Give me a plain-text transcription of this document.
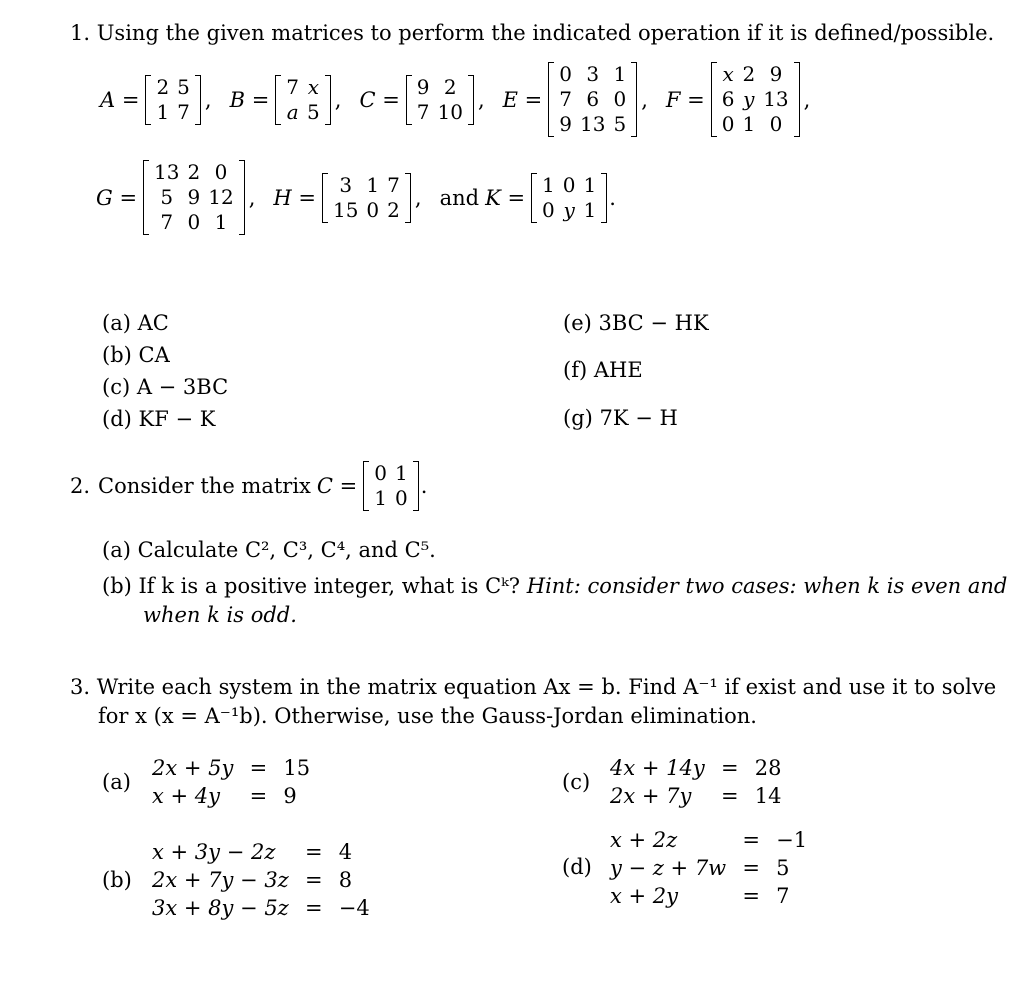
1. Using the given matrices to perform the indicated operation if it is defined/possible.
A =
2	5
1	7 , B =
7	x
a	5 , C =
9	2
7	10 , E =
0	3	1
7	6	0
9	13	5
, F =
x	2	9
6	y	13
0	1	0
,
G =
13	2	0
5	9	12
7	0	1
, H =
3	1	7
15	0	2 , and K =
1	0	1
0	y	1 .
(a) AC
(b) CA
(c) A − 3BC
(d) KF − K
(e) 3BC − HK
(f) AHE
(g) 7K − H
2. Consider the matrix C =
0	1
1	0 .
(a) Calculate C², C³, C⁴, and C⁵.
(b) If k is a positive integer, what is Cᵏ? Hint: consider two cases: when k is even and
when k is odd.
3. Write each system in the matrix equation Ax = b. Find A⁻¹ if exist and use it to solve
for x (x = A⁻¹b). Otherwise, use the Gauss-Jordan elimination.
(a)
2x + 5y	=	15
x + 4y	=	9
(b)
x + 3y − 2z	=	4
2x + 7y − 3z	=	8
3x + 8y − 5z	=	−4
(c)
4x + 14y	=	28
2x + 7y	=	14
(d)
x + 2z	=	−1
y − z + 7w	=	5
x + 2y	=	7
